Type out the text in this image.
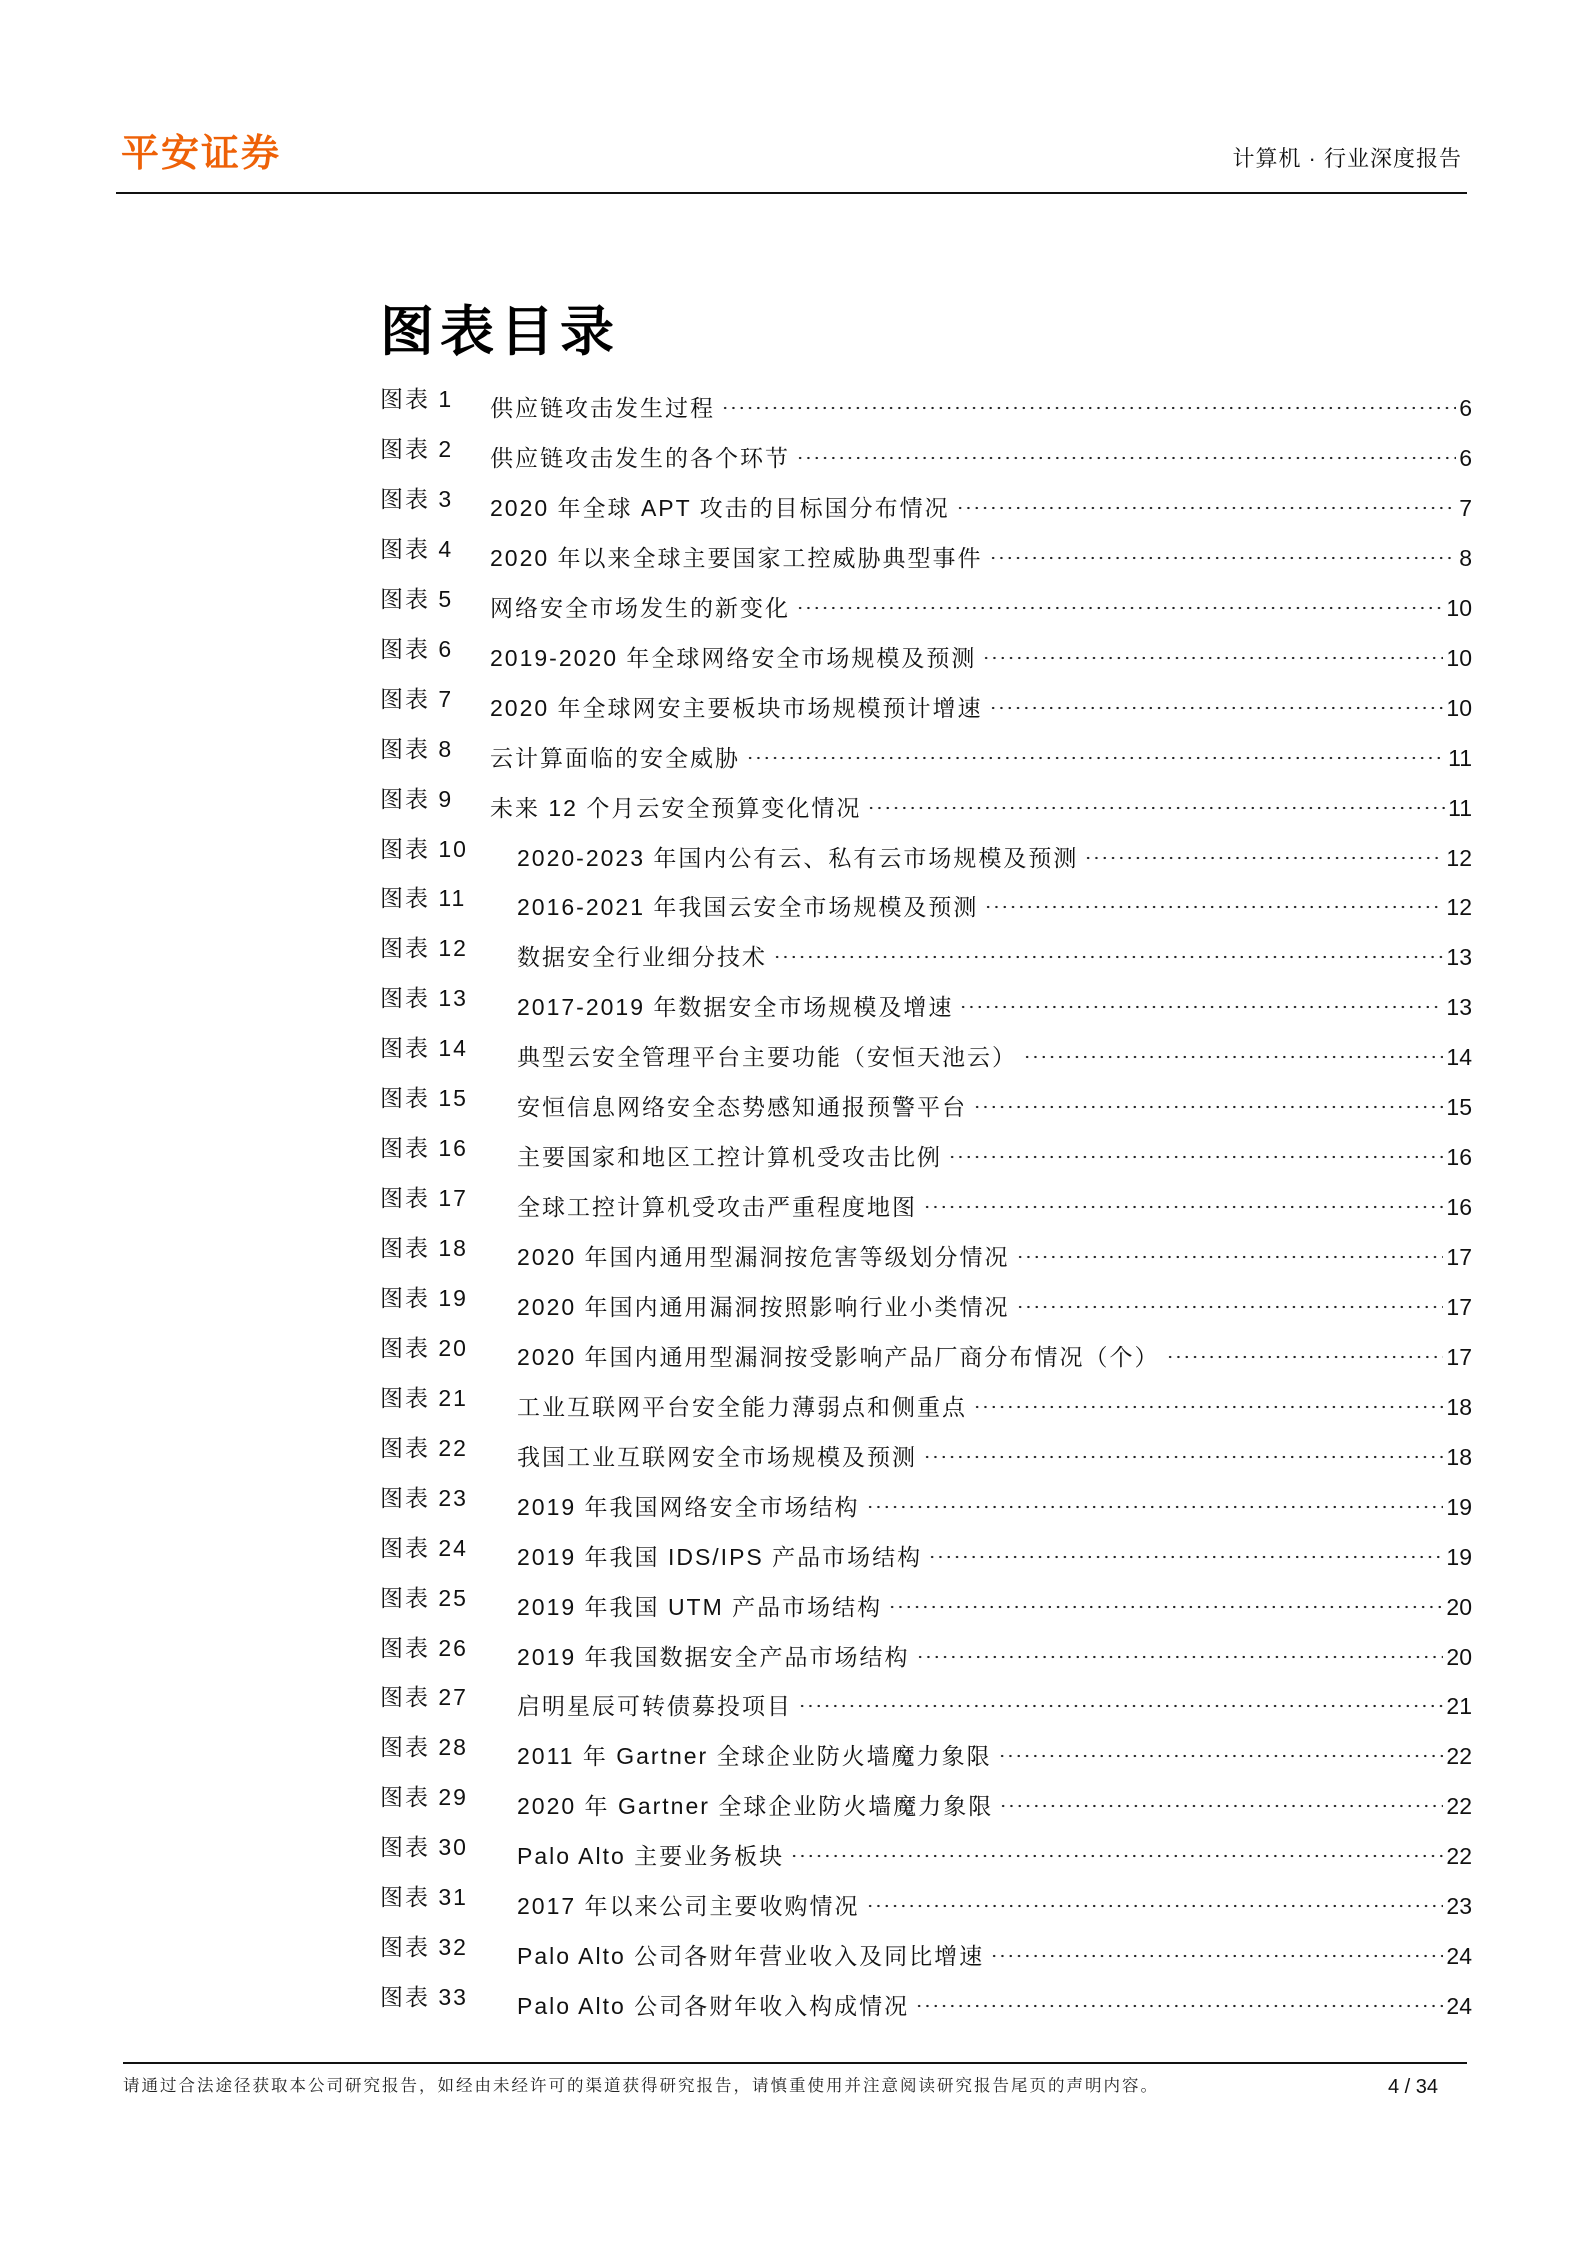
平安证券	计算机 · 行业深度报告
图表目录
图表 1 供应链攻击发生过程	6
图表 2 供应链攻击发生的各个环节	6
图表 3 2020 年全球 APT 攻击的目标国分布情况	7
图表 4 2020 年以来全球主要国家工控威胁典型事件	8
图表 5 网络安全市场发生的新变化	10
图表 6 2019-2020 年全球网络安全市场规模及预测	10
图表 7 2020 年全球网安主要板块市场规模预计增速	10
图表 8 云计算面临的安全威胁	11
图表 9 未来 12 个月云安全预算变化情况	11
图表 10 2020-2023 年国内公有云、私有云市场规模及预测	12
图表 11 2016-2021 年我国云安全市场规模及预测	12
图表 12 数据安全行业细分技术	13
图表 13 2017-2019 年数据安全市场规模及增速	13
图表 14 典型云安全管理平台主要功能（安恒天池云）	14
图表 15 安恒信息网络安全态势感知通报预警平台	15
图表 16 主要国家和地区工控计算机受攻击比例	16
图表 17 全球工控计算机受攻击严重程度地图	16
图表 18 2020 年国内通用型漏洞按危害等级划分情况	17
图表 19 2020 年国内通用漏洞按照影响行业小类情况	17
图表 20 2020 年国内通用型漏洞按受影响产品厂商分布情况（个）	17
图表 21 工业互联网平台安全能力薄弱点和侧重点	18
图表 22 我国工业互联网安全市场规模及预测	18
图表 23 2019 年我国网络安全市场结构	19
图表 24 2019 年我国 IDS/IPS 产品市场结构	19
图表 25 2019 年我国 UTM 产品市场结构	20
图表 26 2019 年我国数据安全产品市场结构	20
图表 27 启明星辰可转债募投项目	21
图表 28 2011 年 Gartner 全球企业防火墙魔力象限	22
图表 29 2020 年 Gartner 全球企业防火墙魔力象限	22
图表 30 Palo Alto 主要业务板块	22
图表 31 2017 年以来公司主要收购情况	23
图表 32 Palo Alto 公司各财年营业收入及同比增速	24
图表 33 Palo Alto 公司各财年收入构成情况	24
请通过合法途径获取本公司研究报告，如经由未经许可的渠道获得研究报告，请慎重使用并注意阅读研究报告尾页的声明内容。	4 / 34
